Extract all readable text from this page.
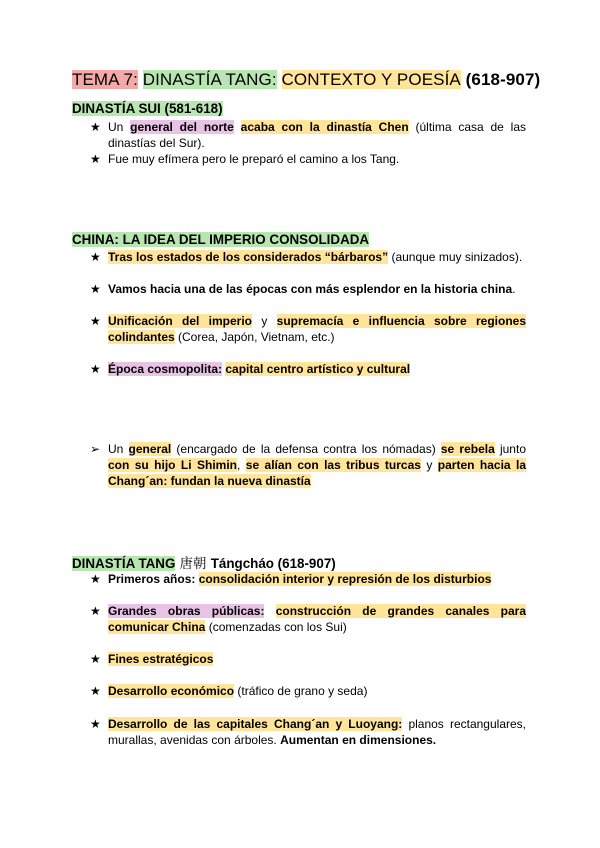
TEMA 7: DINASTÍA TANG: CONTEXTO Y POESÍA (618-907)
DINASTÍA SUI (581-618)
★ Un general del norte acaba con la dinastía Chen (última casa de las dinastías del Sur).
★ Fue muy efímera pero le preparó el camino a los Tang.
CHINA: LA IDEA DEL IMPERIO CONSOLIDADA
★ Tras los estados de los considerados “bárbaros” (aunque muy sinizados).
★ Vamos hacia una de las épocas con más esplendor en la historia china.
★ Unificación del imperio y supremacía e influencia sobre regiones colindantes (Corea, Japón, Vietnam, etc.)
★ Época cosmopolita: capital centro artístico y cultural
➢ Un general (encargado de la defensa contra los nómadas) se rebela junto con su hijo Li Shimin, se alían con las tribus turcas y parten hacia la Chang´an: fundan la nueva dinastía
DINASTÍA TANG 唐朝 Tángcháo (618-907)
★ Primeros años: consolidación interior y represión de los disturbios
★ Grandes obras públicas: construcción de grandes canales para comunicar China (comenzadas con los Sui)
★ Fines estratégicos
★ Desarrollo económico (tráfico de grano y seda)
★ Desarrollo de las capitales Chang´an y Luoyang: planos rectangulares, murallas, avenidas con árboles. Aumentan en dimensiones.
